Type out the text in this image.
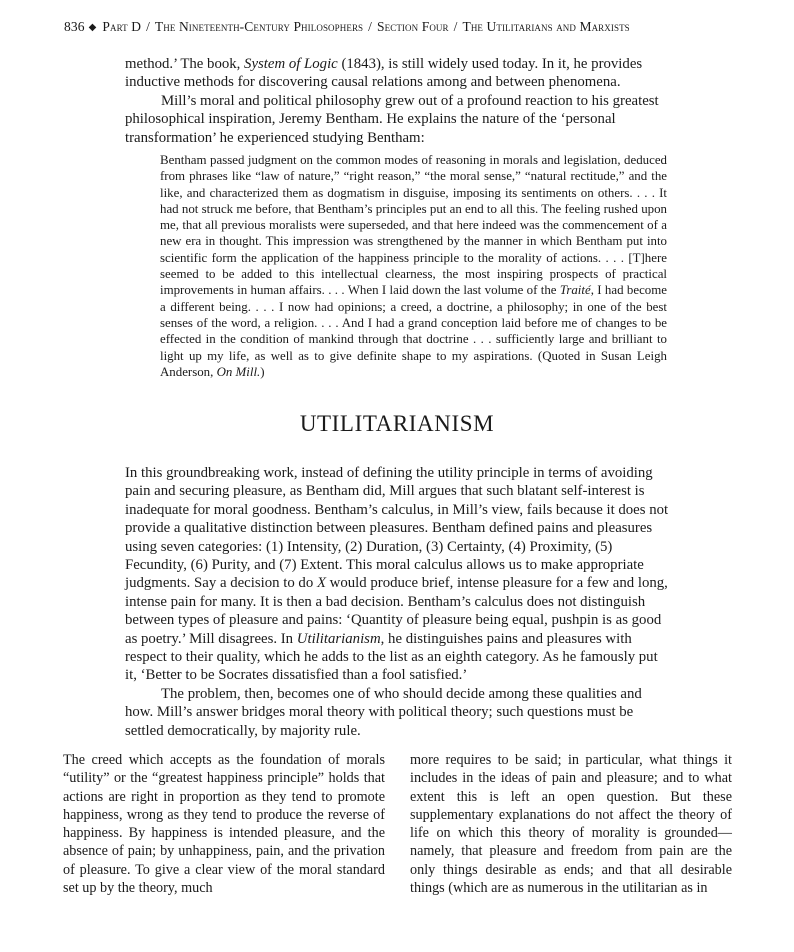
836 ◆ Part D / The Nineteenth-Century Philosophers / Section Four / The Utilitarians and Marxists

method.’ The book, System of Logic (1843), is still widely used today. In it, he provides inductive methods for discovering causal relations among and between phenomena.

Mill’s moral and political philosophy grew out of a profound reaction to his greatest philosophical inspiration, Jeremy Bentham. He explains the nature of the ‘personal transformation’ he experienced studying Bentham:

Bentham passed judgment on the common modes of reasoning in morals and legislation, deduced from phrases like “law of nature,” “right reason,” “the moral sense,” “natural rectitude,” and the like, and characterized them as dogmatism in disguise, imposing its sentiments on others. . . . It had not struck me before, that Bentham’s principles put an end to all this. The feeling rushed upon me, that all previous moralists were superseded, and that here indeed was the commencement of a new era in thought. This impression was strengthened by the manner in which Bentham put into scientific form the application of the happiness principle to the morality of actions. . . . [T]here seemed to be added to this intellectual clearness, the most inspiring prospects of practical improvements in human affairs. . . . When I laid down the last volume of the Traité, I had become a different being. . . . I now had opinions; a creed, a doctrine, a philosophy; in one of the best senses of the word, a religion. . . . And I had a grand conception laid before me of changes to be effected in the condition of mankind through that doctrine . . . sufficiently large and brilliant to light up my life, as well as to give definite shape to my aspirations. (Quoted in Susan Leigh Anderson, On Mill.)

UTILITARIANISM

In this groundbreaking work, instead of defining the utility principle in terms of avoiding pain and securing pleasure, as Bentham did, Mill argues that such blatant self-interest is inadequate for moral goodness. Bentham’s calculus, in Mill’s view, fails because it does not provide a qualitative distinction between pleasures. Bentham defined pains and pleasures using seven categories: (1) Intensity, (2) Duration, (3) Certainty, (4) Proximity, (5) Fecundity, (6) Purity, and (7) Extent. This moral calculus allows us to make appropriate judgments. Say a decision to do X would produce brief, intense pleasure for a few and long, intense pain for many. It is then a bad decision. Bentham’s calculus does not distinguish between types of pleasure and pains: ‘Quantity of pleasure being equal, pushpin is as good as poetry.’ Mill disagrees. In Utilitarianism, he distinguishes pains and pleasures with respect to their quality, which he adds to the list as an eighth category. As he famously put it, ‘Better to be Socrates dissatisfied than a fool satisfied.’

The problem, then, becomes one of who should decide among these qualities and how. Mill’s answer bridges moral theory with political theory; such questions must be settled democratically, by majority rule.

The creed which accepts as the foundation of morals “utility” or the “greatest happiness principle” holds that actions are right in proportion as they tend to promote happiness, wrong as they tend to produce the reverse of happiness. By happiness is intended pleasure, and the absence of pain; by unhappiness, pain, and the privation of pleasure. To give a clear view of the moral standard set up by the theory, much

more requires to be said; in particular, what things it includes in the ideas of pain and pleasure; and to what extent this is left an open question. But these supplementary explanations do not affect the theory of life on which this theory of morality is grounded—namely, that pleasure and freedom from pain are the only things desirable as ends; and that all desirable things (which are as numerous in the utilitarian as in
